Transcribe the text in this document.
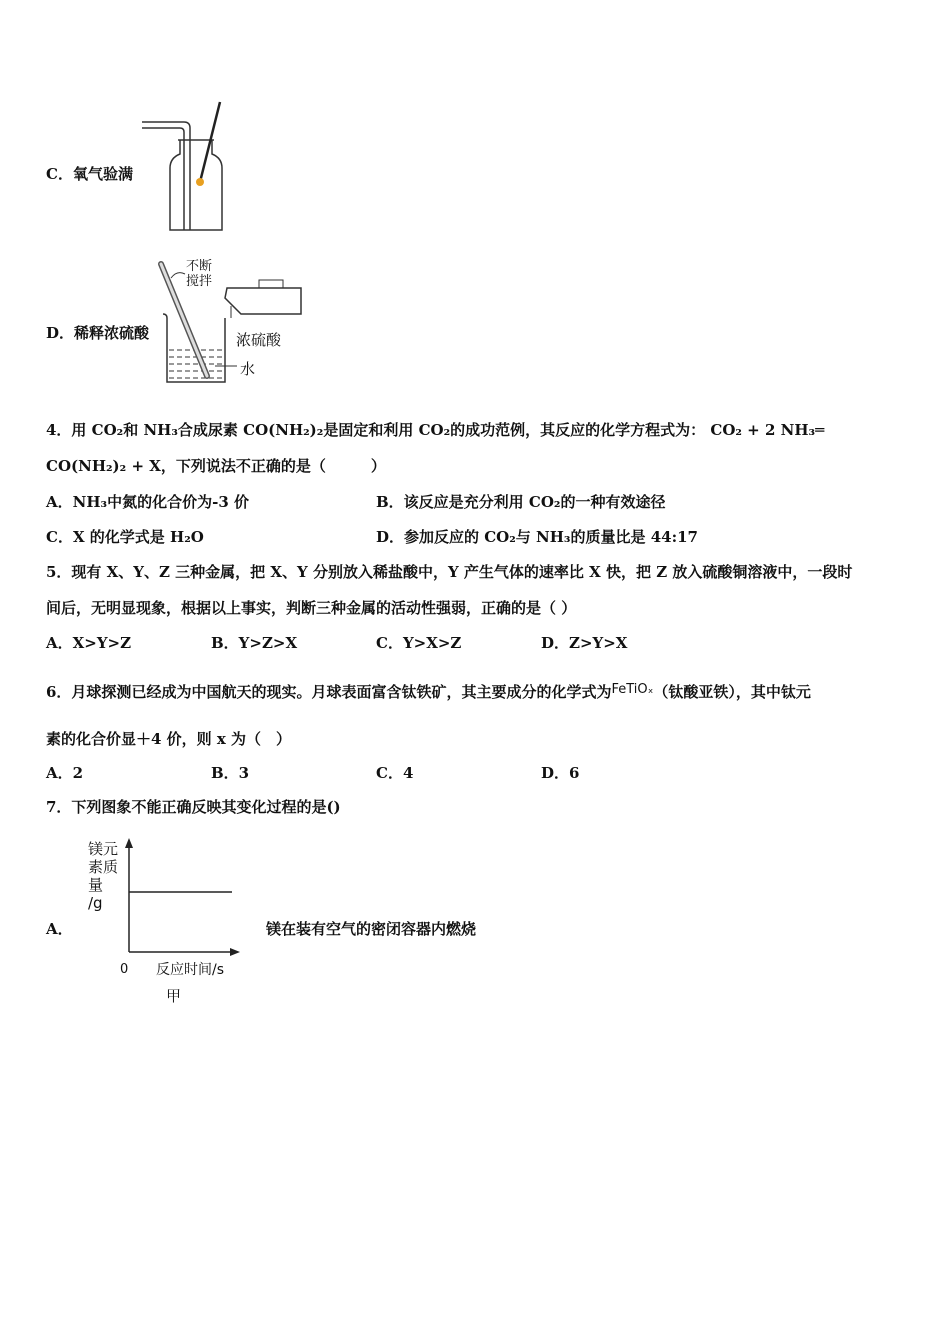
C．氧气验满
D．稀释浓硫酸
不断
搅拌
浓硫酸
水
4．用 CO₂和 NH₃合成尿素 CO(NH₂)₂是固定和利用 CO₂的成功范例，其反应的化学方程式为： CO₂ + 2 NH₃═
CO(NH₂)₂ + X，下列说法不正确的是（　　　）
A．NH₃中氮的化合价为-3 价	B．该反应是充分利用 CO₂的一种有效途径
C．X 的化学式是 H₂O	D．参加反应的 CO₂与 NH₃的质量比是 44:17
5．现有 X、Y、Z 三种金属，把 X、Y 分别放入稀盐酸中，Y 产生气体的速率比 X 快，把 Z 放入硫酸铜溶液中，一段时
间后，无明显现象，根据以上事实，判断三种金属的活动性强弱，正确的是（ ）
A．X>Y>Z	B．Y>Z>X	C．Y>X>Z	D．Z>Y>X
6．月球探测已经成为中国航天的现实。月球表面富含钛铁矿，其主要成分的化学式为FeTiOₓ（钛酸亚铁），其中钛元
素的化合价显＋4 价，则 x 为（　）
A．2	B．3	C．4	D．6
7．下列图象不能正确反映其变化过程的是()
A．	镁在装有空气的密闭容器内燃烧
镁元
素质
量
/g
0 反应时间/s
甲
